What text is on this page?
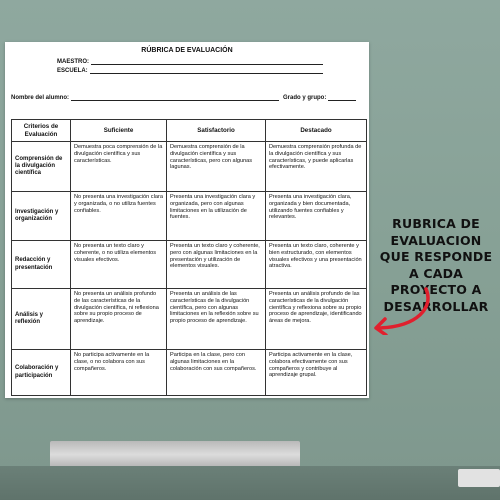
RÚBRICA DE EVALUACIÓN
MAESTRO:
ESCUELA:
Nombre del alumno:	Grado y grupo:
Criterios de Evaluación	Suficiente	Satisfactorio	Destacado
Comprensión de la divulgación científica	Demuestra poca comprensión de la divulgación científica y sus características.	Demuestra comprensión de la divulgación científica y sus características, pero con algunas lagunas.	Demuestra comprensión profunda de la divulgación científica y sus características, y puede aplicarlas efectivamente.
Investigación y organización	No presenta una investigación clara y organizada, o no utiliza fuentes confiables.	Presenta una investigación clara y organizada, pero con algunas limitaciones en la utilización de fuentes.	Presenta una investigación clara, organizada y bien documentada, utilizando fuentes confiables y relevantes.
Redacción y presentación	No presenta un texto claro y coherente, o no utiliza elementos visuales efectivos.	Presenta un texto claro y coherente, pero con algunas limitaciones en la presentación y utilización de elementos visuales.	Presenta un texto claro, coherente y bien estructurado, con elementos visuales efectivos y una presentación atractiva.
Análisis y reflexión	No presenta un análisis profundo de las características de la divulgación científica, ni reflexiona sobre su propio proceso de aprendizaje.	Presenta un análisis de las características de la divulgación científica, pero con algunas limitaciones en la reflexión sobre su propio proceso de aprendizaje.	Presenta un análisis profundo de las características de la divulgación científica y reflexiona sobre su propio proceso de aprendizaje, identificando áreas de mejora.
Colaboración y participación	No participa activamente en la clase, o no colabora con sus compañeros.	Participa en la clase, pero con algunas limitaciones en la colaboración con sus compañeros.	Participa activamente en la clase, colabora efectivamente con sus compañeros y contribuye al aprendizaje grupal.
RUBRICA DE EVALUACION QUE RESPONDE A CADA PROYECTO A DESARROLLAR
